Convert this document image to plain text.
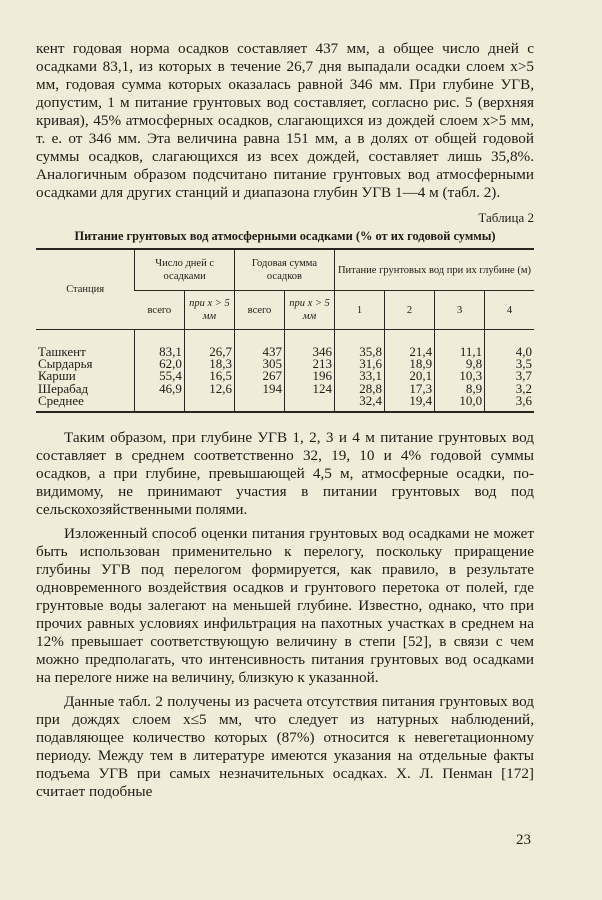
кент годовая норма осадков составляет 437 мм, а общее число дней с осадками 83,1, из которых в течение 26,7 дня выпадали осадки слоем x>5 мм, годовая сумма которых оказалась равной 346 мм. При глубине УГВ, допустим, 1 м питание грунтовых вод составляет, согласно рис. 5 (верхняя кривая), 45% атмосферных осадков, слагающихся из дождей слоем x>5 мм, т. е. от 346 мм. Эта величина равна 151 мм, а в долях от общей годовой суммы осадков, слагающихся из всех дождей, составляет лишь 35,8%. Аналогичным образом подсчитано питание грунтовых вод атмосферными осадками для других станций и диапазона глубин УГВ 1—4 м (табл. 2).

Таблица 2
Питание грунтовых вод атмосферными осадками (% от их годовой суммы)
Станция	Число дней с осадками		Годовая сумма осадков		Питание грунтовых вод при их глубине (м)			
	всего	при x > 5 мм	всего	при x > 5 мм	1	2	3	4

Ташкент	83,1	26,7	437	346	35,8	21,4	11,1	4,0
Сырдарья	62,0	18,3	305	213	31,6	18,9	9,8	3,5
Карши	55,4	16,5	267	196	33,1	20,1	10,3	3,7
Шерабад	46,9	12,6	194	124	28,8	17,3	8,9	3,2
Среднее					32,4	19,4	10,0	3,6

Таким образом, при глубине УГВ 1, 2, 3 и 4 м питание грунтовых вод составляет в среднем соответственно 32, 19, 10 и 4% годовой суммы осадков, а при глубине, превышающей 4,5 м, атмосферные осадки, по-видимому, не принимают участия в питании грунтовых вод под сельскохозяйственными полями.

Изложенный способ оценки питания грунтовых вод осадками не может быть использован применительно к перелогу, поскольку приращение глубины УГВ под перелогом формируется, как правило, в результате одновременного воздействия осадков и грунтового перетока от полей, где грунтовые воды залегают на меньшей глубине. Известно, однако, что при прочих равных условиях инфильтрация на пахотных участках в среднем на 12% превышает соответствующую величину в степи [52], в связи с чем можно предполагать, что интенсивность питания грунтовых вод осадками на перелоге ниже на величину, близкую к указанной.

Данные табл. 2 получены из расчета отсутствия питания грунтовых вод при дождях слоем x≤5 мм, что следует из натурных наблюдений, подавляющее количество которых (87%) относится к невегетационному периоду. Между тем в литературе имеются указания на отдельные факты подъема УГВ при самых незначительных осадках. Х. Л. Пенман [172] считает подобные

23
